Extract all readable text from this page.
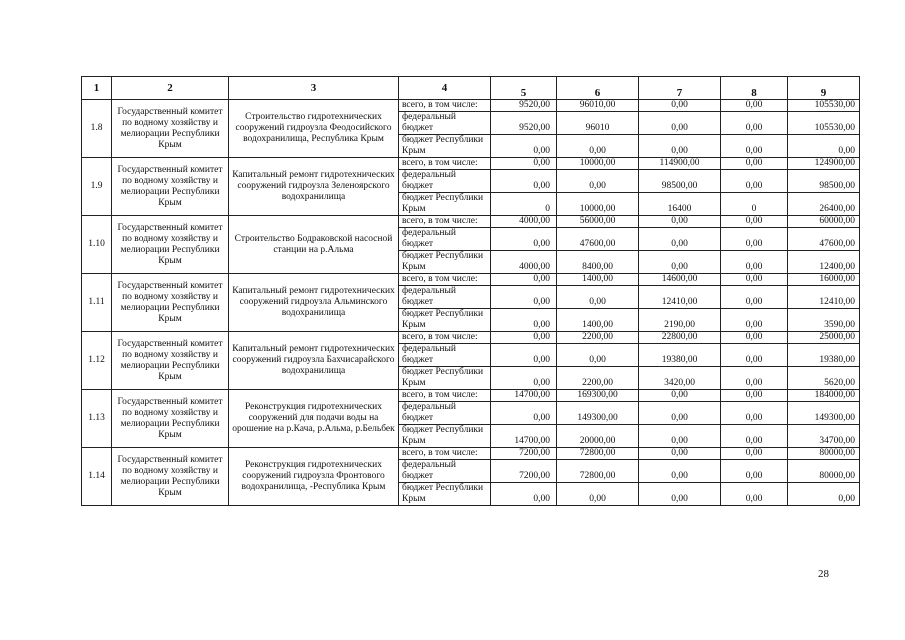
1	2	3	4	5	6	7	8	9
1.8	Государственный комитет по водному хозяйству и мелиорации Республики Крым	Строительство гидротехнических сооружений гидроузла Феодосийского водохранилища, Республика Крым	всего, в том числе:	9520,00	96010,00	0,00	0,00	105530,00
			федеральный бюджет	9520,00	96010	0,00	0,00	105530,00
			бюджет Республики Крым	0,00	0,00	0,00	0,00	0,00
1.9	Государственный комитет по водному хозяйству и мелиорации Республики Крым	Капитальный ремонт гидротехнических сооружений гидроузла Зеленоярского водохранилища	всего, в том числе:	0,00	10000,00	114900,00	0,00	124900,00
			федеральный бюджет	0,00	0,00	98500,00	0,00	98500,00
			бюджет Республики Крым	0	10000,00	16400	0	26400,00
1.10	Государственный комитет по водному хозяйству и мелиорации Республики Крым	Строительство Бодраковской насосной станции на р.Альма	всего, в том числе:	4000,00	56000,00	0,00	0,00	60000,00
			федеральный бюджет	0,00	47600,00	0,00	0,00	47600,00
			бюджет Республики Крым	4000,00	8400,00	0,00	0,00	12400,00
1.11	Государственный комитет по водному хозяйству и мелиорации Республики Крым	Капитальный ремонт гидротехнических сооружений гидроузла Альминского водохранилища	всего, в том числе:	0,00	1400,00	14600,00	0,00	16000,00
			федеральный бюджет	0,00	0,00	12410,00	0,00	12410,00
			бюджет Республики Крым	0,00	1400,00	2190,00	0,00	3590,00
1.12	Государственный комитет по водному хозяйству и мелиорации Республики Крым	Капитальный ремонт гидротехнических сооружений гидроузла Бахчисарайского водохранилища	всего, в том числе:	0,00	2200,00	22800,00	0,00	25000,00
			федеральный бюджет	0,00	0,00	19380,00	0,00	19380,00
			бюджет Республики Крым	0,00	2200,00	3420,00	0,00	5620,00
1.13	Государственный комитет по водному хозяйству и мелиорации Республики Крым	Реконструкция гидротехнических сооружений для подачи воды на орошение на р.Кача, р.Альма, р.Бельбек	всего, в том числе:	14700,00	169300,00	0,00	0,00	184000,00
			федеральный бюджет	0,00	149300,00	0,00	0,00	149300,00
			бюджет Республики Крым	14700,00	20000,00	0,00	0,00	34700,00
1.14	Государственный комитет по водному хозяйству и мелиорации Республики Крым	Реконструкция гидротехнических сооружений гидроузла Фронтового водохранилища, -Республика Крым	всего, в том числе:	7200,00	72800,00	0,00	0,00	80000,00
			федеральный бюджет	7200,00	72800,00	0,00	0,00	80000,00
			бюджет Республики Крым	0,00	0,00	0,00	0,00	0,00
28
